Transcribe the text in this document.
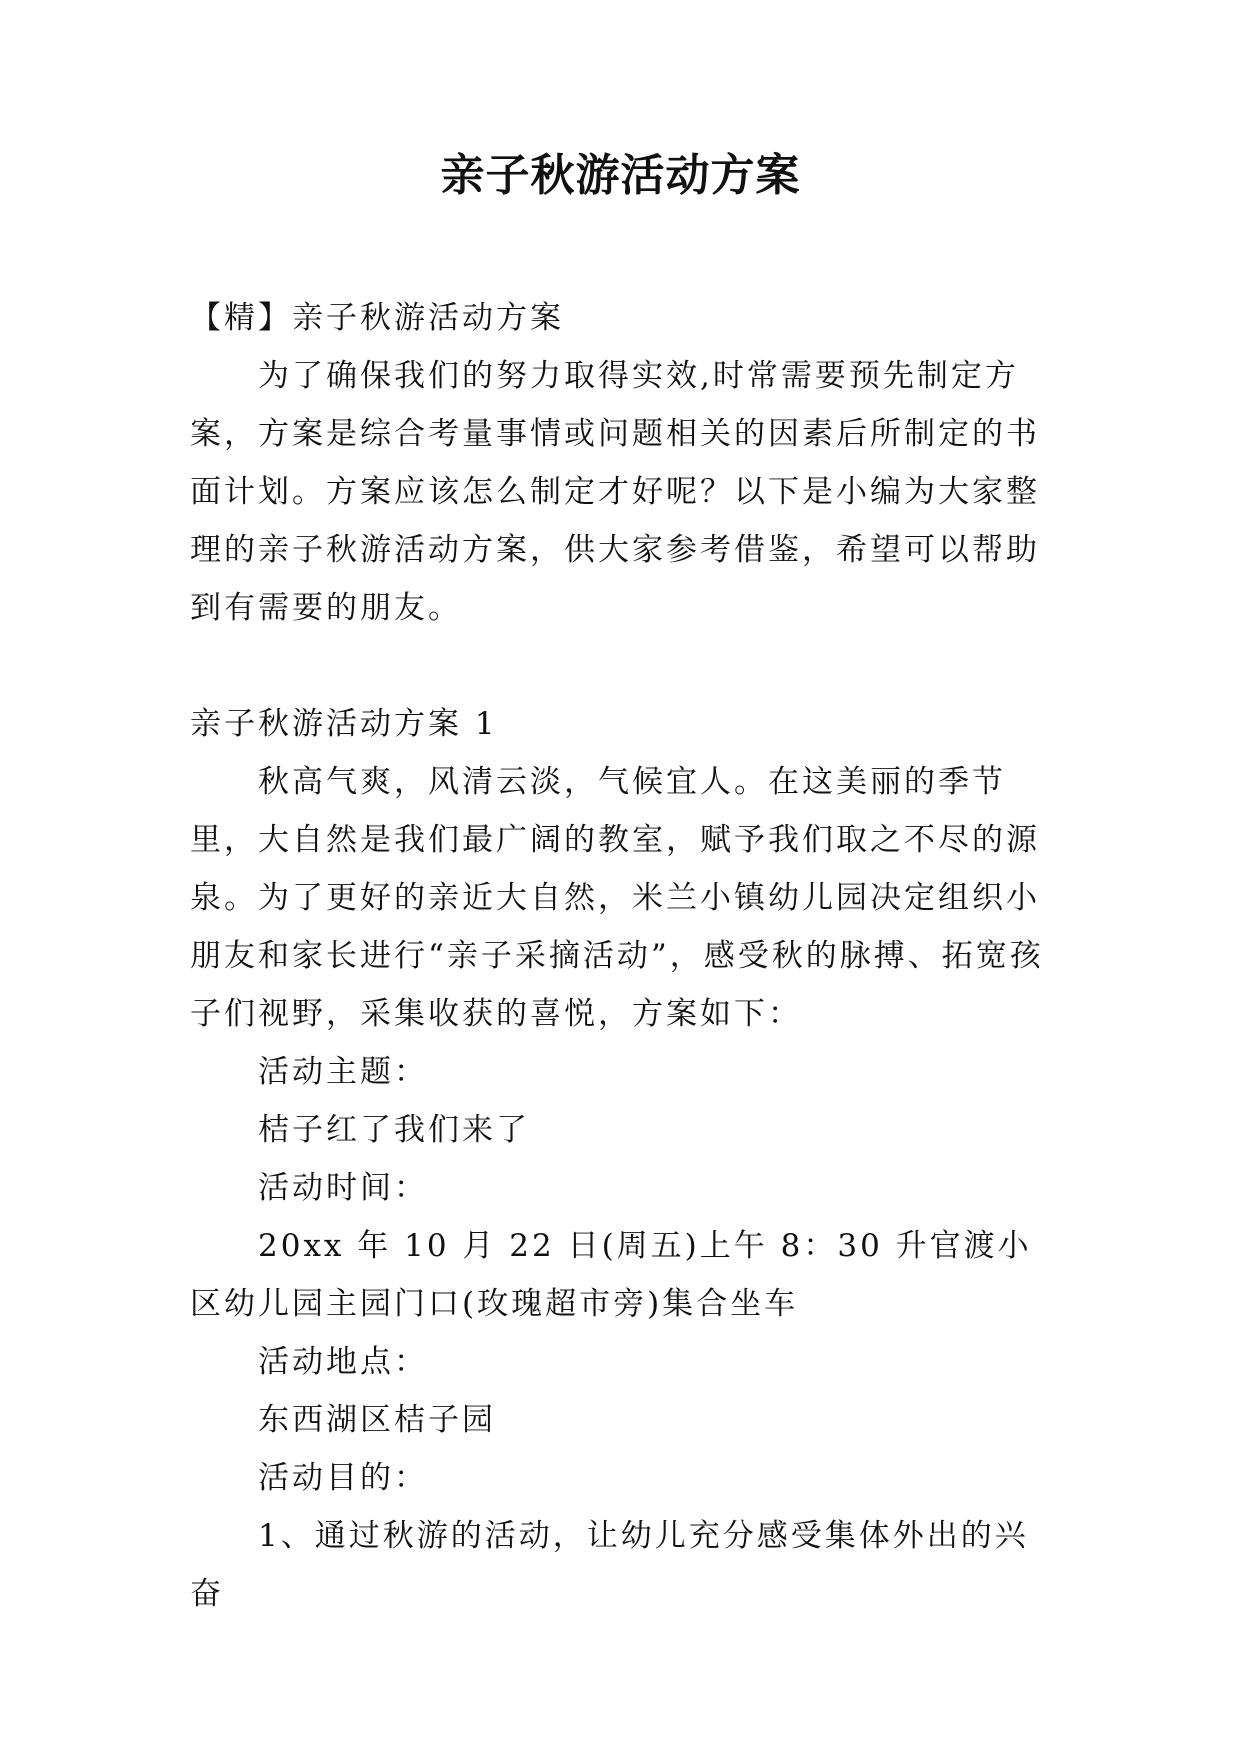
亲子秋游活动方案

【精】亲子秋游活动方案

为了确保我们的努力取得实效,时常需要预先制定方案，方案是综合考量事情或问题相关的因素后所制定的书面计划。方案应该怎么制定才好呢？以下是小编为大家整理的亲子秋游活动方案，供大家参考借鉴，希望可以帮助到有需要的朋友。

亲子秋游活动方案 1

秋高气爽，风清云淡，气候宜人。在这美丽的季节里，大自然是我们最广阔的教室，赋予我们取之不尽的源泉。为了更好的亲近大自然，米兰小镇幼儿园决定组织小朋友和家长进行“亲子采摘活动”，感受秋的脉搏、拓宽孩子们视野，采集收获的喜悦，方案如下：

活动主题：

桔子红了我们来了

活动时间：

20xx 年 10 月 22 日(周五)上午 8：30 升官渡小区幼儿园主园门口(玫瑰超市旁)集合坐车

活动地点：

东西湖区桔子园

活动目的：

1、通过秋游的活动，让幼儿充分感受集体外出的兴奋
